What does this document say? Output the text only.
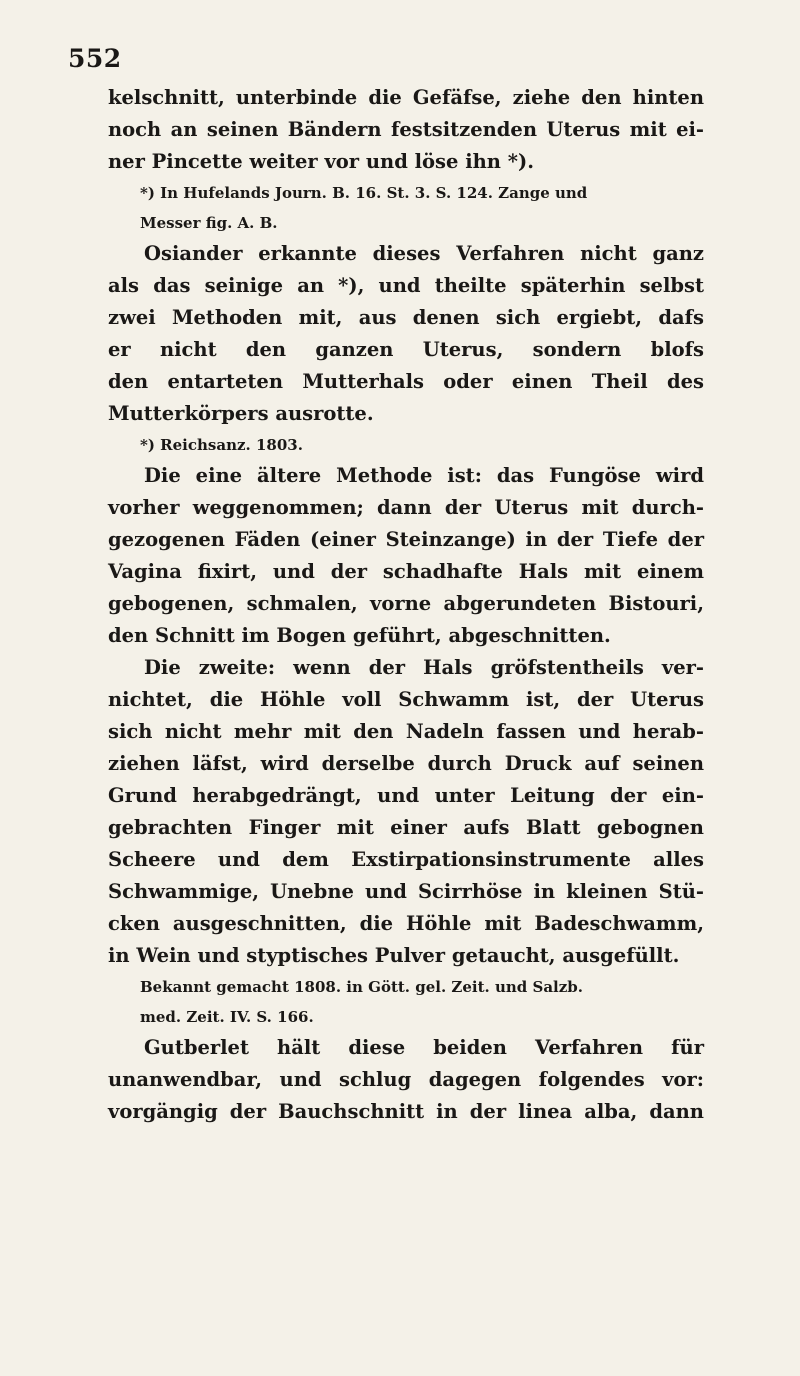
552
kelschnitt, unterbinde die Gefäfse, ziehe den hinten
noch an seinen Bändern festsitzenden Uterus mit ei-
ner Pincette weiter vor und löse ihn *).
*) In Hufelands Journ. B. 16. St. 3. S. 124. Zange und
Messer fig. A. B.
Osiander erkannte dieses Verfahren nicht ganz
als das seinige an *), und theilte späterhin selbst
zwei Methoden mit, aus denen sich ergiebt, dafs
er nicht den ganzen Uterus, sondern blofs
den entarteten Mutterhals oder einen Theil des
Mutterkörpers ausrotte.
*) Reichsanz. 1803.
Die eine ältere Methode ist: das Fungöse wird
vorher weggenommen; dann der Uterus mit durch-
gezogenen Fäden (einer Steinzange) in der Tiefe der
Vagina fixirt, und der schadhafte Hals mit einem
gebogenen, schmalen, vorne abgerundeten Bistouri,
den Schnitt im Bogen geführt, abgeschnitten.
Die zweite: wenn der Hals gröfstentheils ver-
nichtet, die Höhle voll Schwamm ist, der Uterus
sich nicht mehr mit den Nadeln fassen und herab-
ziehen läfst, wird derselbe durch Druck auf seinen
Grund herabgedrängt, und unter Leitung der ein-
gebrachten Finger mit einer aufs Blatt gebognen
Scheere und dem Exstirpationsinstrumente alles
Schwammige, Unebne und Scirrhöse in kleinen Stü-
cken ausgeschnitten, die Höhle mit Badeschwamm,
in Wein und styptisches Pulver getaucht, ausgefüllt.
Bekannt gemacht 1808. in Gött. gel. Zeit. und Salzb.
med. Zeit. IV. S. 166.
Gutberlet hält diese beiden Verfahren für
unanwendbar, und schlug dagegen folgendes vor:
vorgängig der Bauchschnitt in der linea alba, dann
